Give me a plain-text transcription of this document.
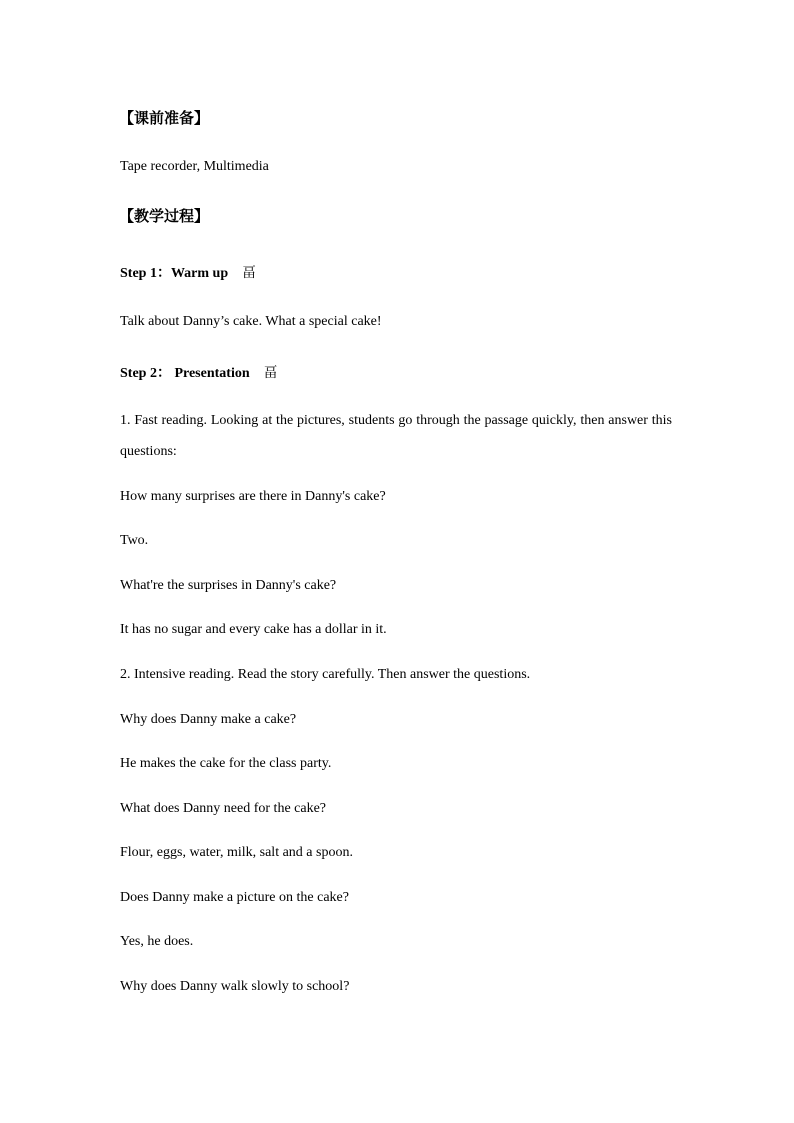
【课前准备】
Tape recorder, Multimedia
【教学过程】
Step 1：Warm up 畐
Talk about Danny’s cake. What a special cake!
Step 2： Presentation 畐
1. Fast reading. Looking at the pictures, students go through the passage quickly, then answer this questions:
How many surprises are there in Danny's cake?
Two.
What're the surprises in Danny's cake?
It has no sugar and every cake has a dollar in it.
2. Intensive reading. Read the story carefully. Then answer the questions.
Why does Danny make a cake?
He makes the cake for the class party.
What does Danny need for the cake?
Flour, eggs, water, milk, salt and a spoon.
Does Danny make a picture on the cake?
Yes, he does.
Why does Danny walk slowly to school?
